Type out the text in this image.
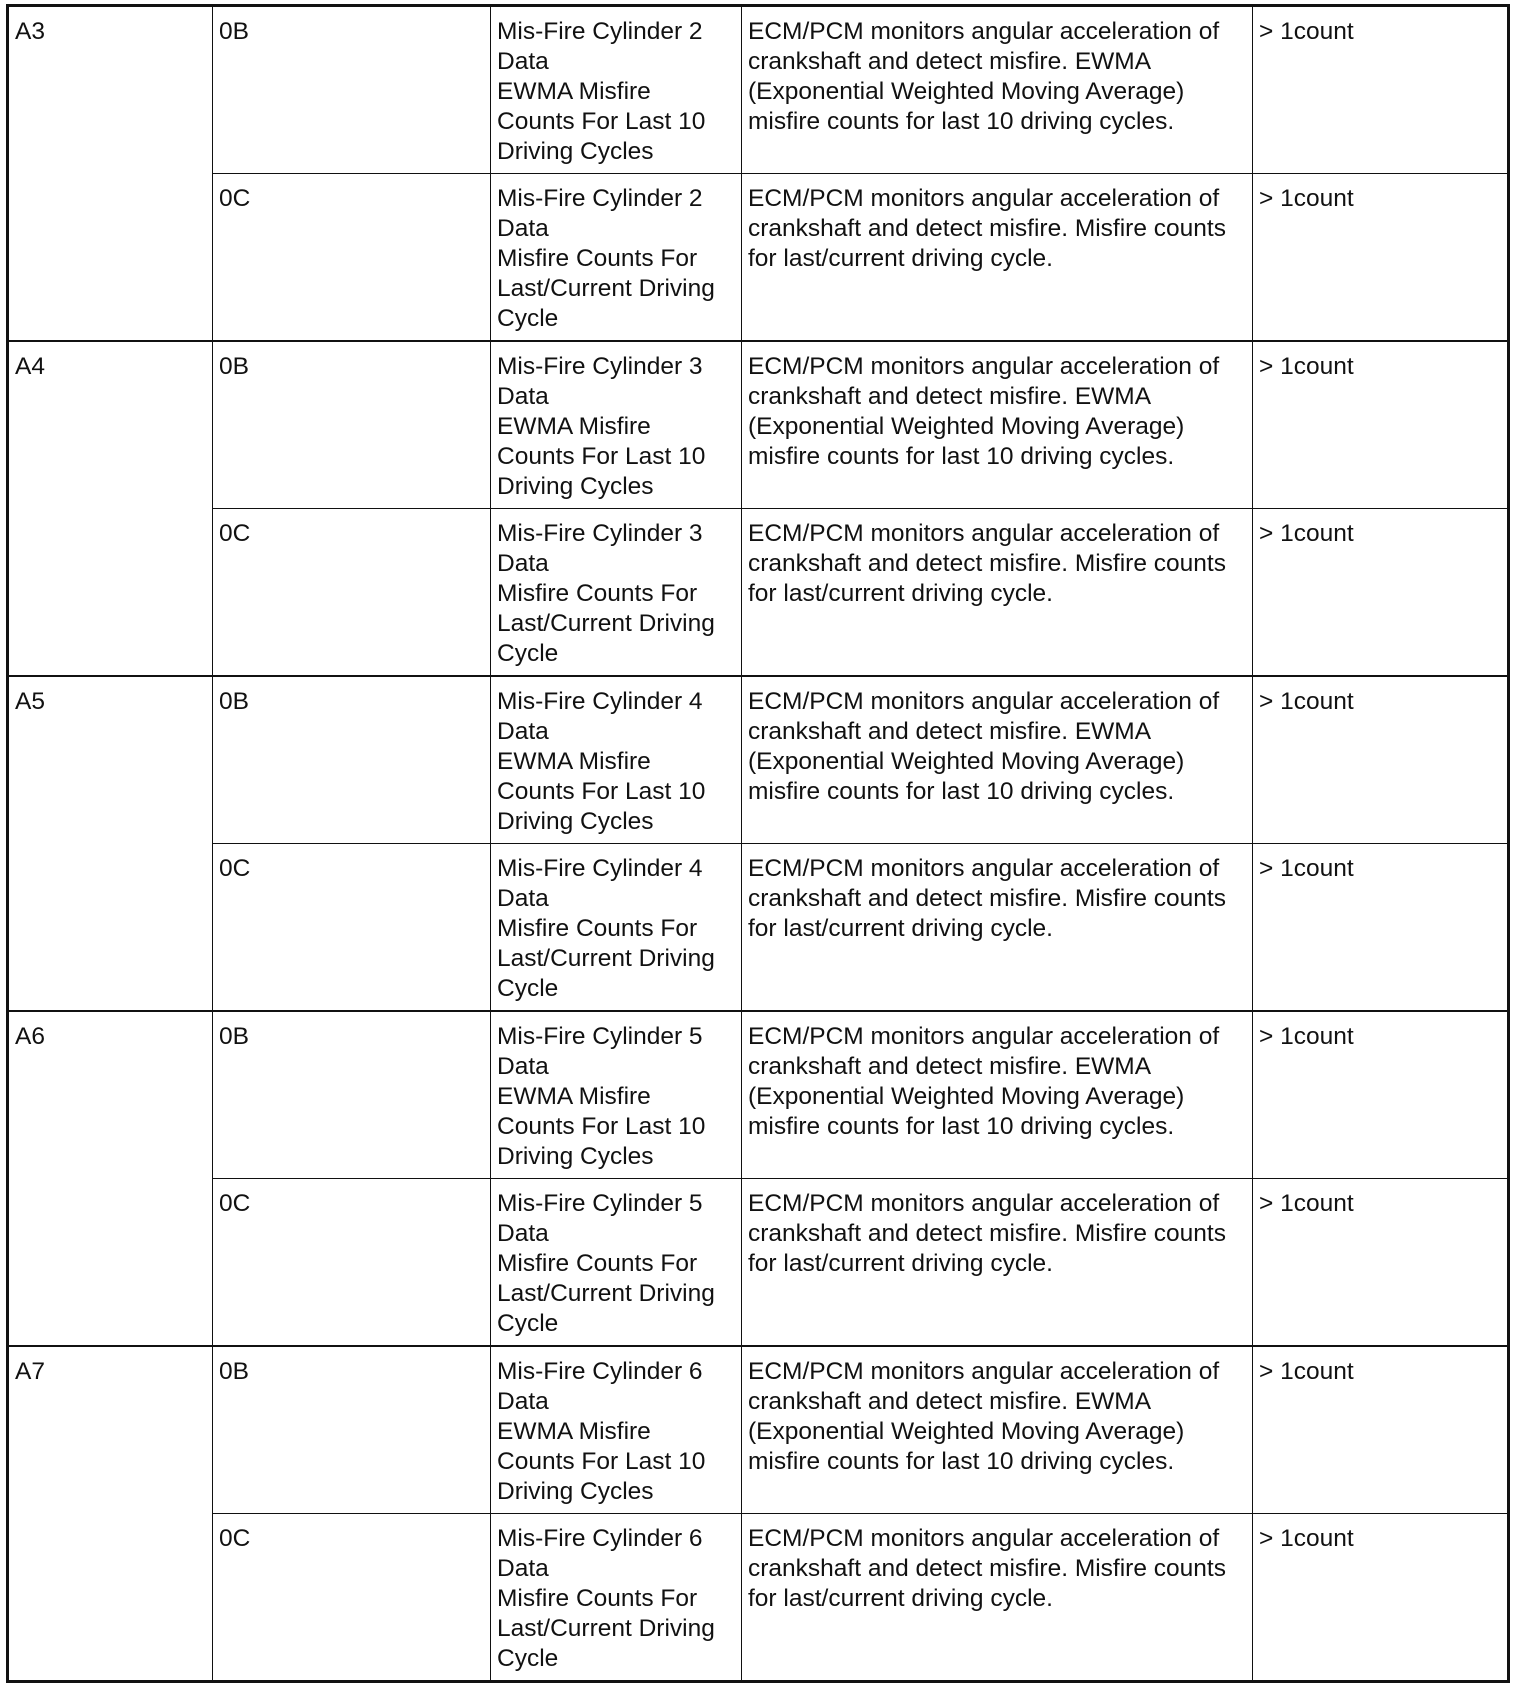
A3	0B	Mis-Fire Cylinder 2
Data
EWMA Misfire
Counts For Last 10
Driving Cycles	ECM/PCM monitors angular acceleration of
crankshaft and detect misfire. EWMA
(Exponential Weighted Moving Average)
misfire counts for last 10 driving cycles.	> 1count
	0C	Mis-Fire Cylinder 2
Data
Misfire Counts For
Last/Current Driving
Cycle	ECM/PCM monitors angular acceleration of
crankshaft and detect misfire. Misfire counts
for last/current driving cycle.	> 1count
A4	0B	Mis-Fire Cylinder 3
Data
EWMA Misfire
Counts For Last 10
Driving Cycles	ECM/PCM monitors angular acceleration of
crankshaft and detect misfire. EWMA
(Exponential Weighted Moving Average)
misfire counts for last 10 driving cycles.	> 1count
	0C	Mis-Fire Cylinder 3
Data
Misfire Counts For
Last/Current Driving
Cycle	ECM/PCM monitors angular acceleration of
crankshaft and detect misfire. Misfire counts
for last/current driving cycle.	> 1count
A5	0B	Mis-Fire Cylinder 4
Data
EWMA Misfire
Counts For Last 10
Driving Cycles	ECM/PCM monitors angular acceleration of
crankshaft and detect misfire. EWMA
(Exponential Weighted Moving Average)
misfire counts for last 10 driving cycles.	> 1count
	0C	Mis-Fire Cylinder 4
Data
Misfire Counts For
Last/Current Driving
Cycle	ECM/PCM monitors angular acceleration of
crankshaft and detect misfire. Misfire counts
for last/current driving cycle.	> 1count
A6	0B	Mis-Fire Cylinder 5
Data
EWMA Misfire
Counts For Last 10
Driving Cycles	ECM/PCM monitors angular acceleration of
crankshaft and detect misfire. EWMA
(Exponential Weighted Moving Average)
misfire counts for last 10 driving cycles.	> 1count
	0C	Mis-Fire Cylinder 5
Data
Misfire Counts For
Last/Current Driving
Cycle	ECM/PCM monitors angular acceleration of
crankshaft and detect misfire. Misfire counts
for last/current driving cycle.	> 1count
A7	0B	Mis-Fire Cylinder 6
Data
EWMA Misfire
Counts For Last 10
Driving Cycles	ECM/PCM monitors angular acceleration of
crankshaft and detect misfire. EWMA
(Exponential Weighted Moving Average)
misfire counts for last 10 driving cycles.	> 1count
	0C	Mis-Fire Cylinder 6
Data
Misfire Counts For
Last/Current Driving
Cycle	ECM/PCM monitors angular acceleration of
crankshaft and detect misfire. Misfire counts
for last/current driving cycle.	> 1count
